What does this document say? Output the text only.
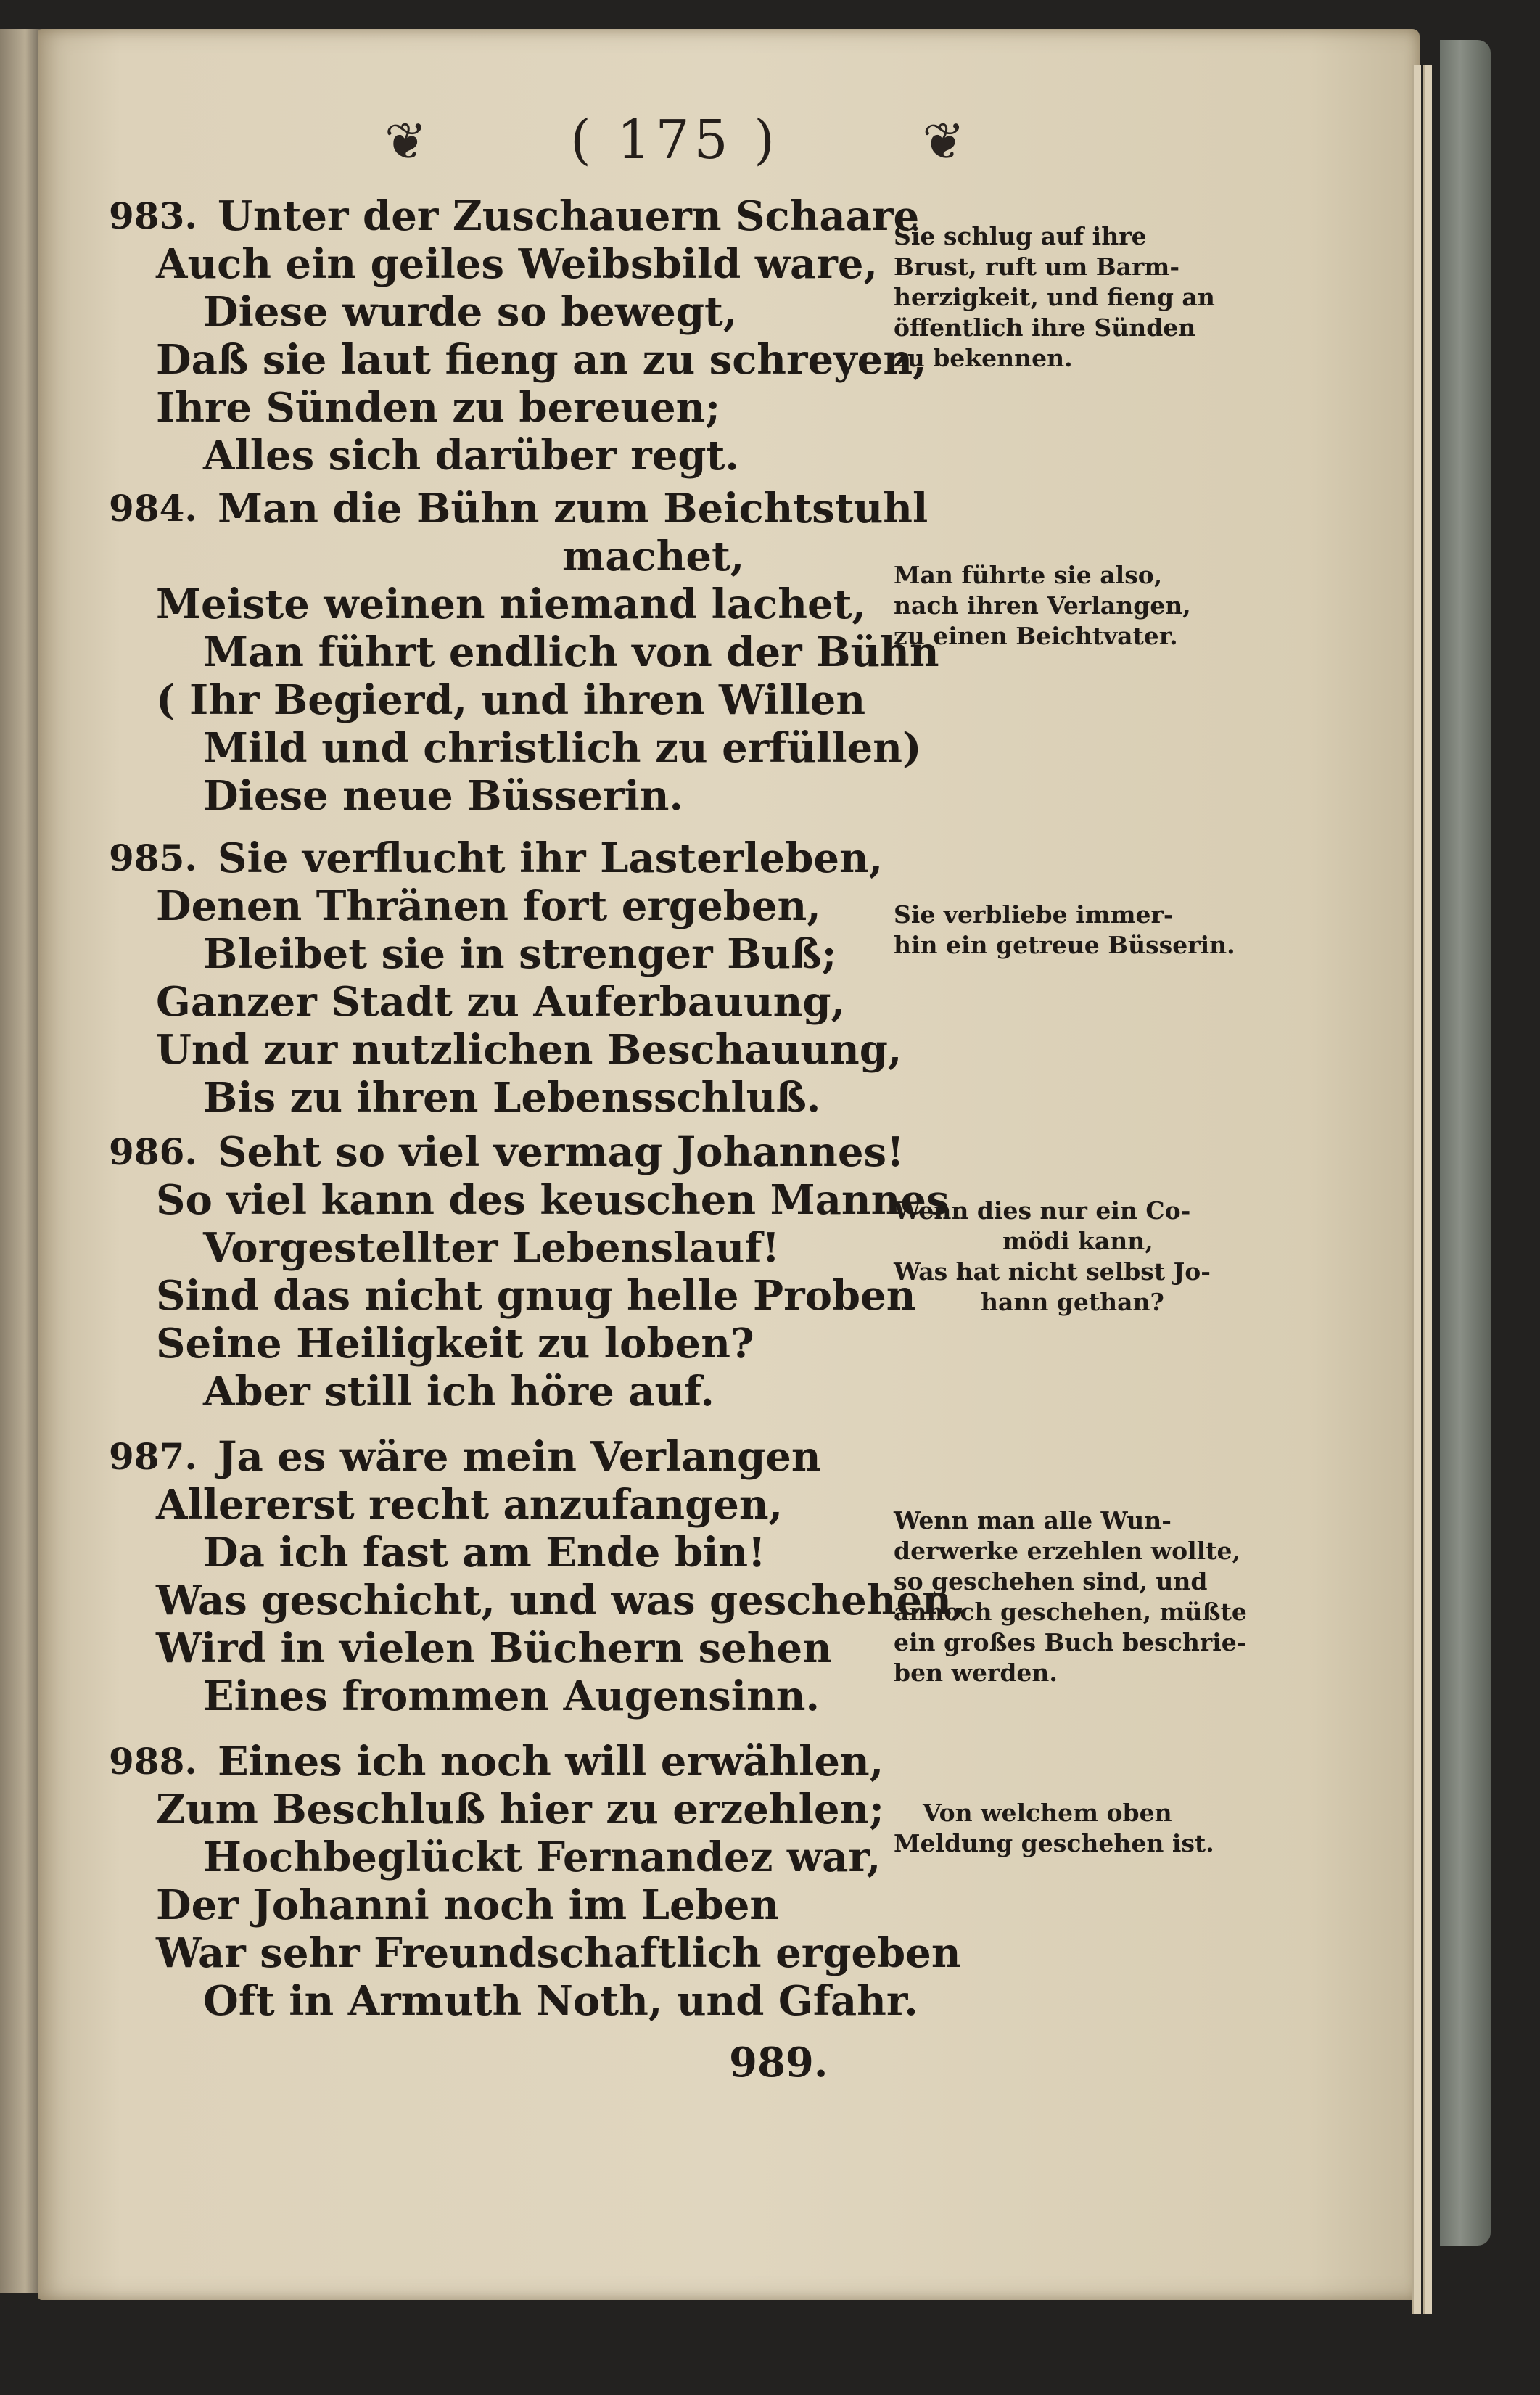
❦	( 175 )	❦
983. Unter der Zuschauern Schaare
Auch ein geiles Weibsbild ware,
Diese wurde so bewegt,
Daß sie laut fieng an zu schreyen,
Ihre Sünden zu bereuen;
Alles sich darüber regt.
Sie schlug auf ihre
Brust, ruft um Barm-
herzigkeit, und fieng an
öffentlich ihre Sünden
zu bekennen.
984. Man die Bühn zum Beichtstuhl
machet,
Meiste weinen niemand lachet,
Man führt endlich von der Bühn
( Ihr Begierd, und ihren Willen
Mild und christlich zu erfüllen)
Diese neue Büsserin.
Man führte sie also,
nach ihren Verlangen,
zu einen Beichtvater.
985. Sie verflucht ihr Lasterleben,
Denen Thränen fort ergeben,
Bleibet sie in strenger Buß;
Ganzer Stadt zu Auferbauung,
Und zur nutzlichen Beschauung,
Bis zu ihren Lebensschluß.
Sie verbliebe immer-
hin ein getreue Büsserin.
986. Seht so viel vermag Johannes!
So viel kann des keuschen Mannes
Vorgestellter Lebenslauf!
Sind das nicht gnug helle Proben
Seine Heiligkeit zu loben?
Aber still ich höre auf.
Wenn dies nur ein Co-
mödi kann,
Was hat nicht selbst Jo-
hann gethan?
987. Ja es wäre mein Verlangen
Allererst recht anzufangen,
Da ich fast am Ende bin!
Was geschicht, und was geschehen,
Wird in vielen Büchern sehen
Eines frommen Augensinn.
Wenn man alle Wun-
derwerke erzehlen wollte,
so geschehen sind, und
annoch geschehen, müßte
ein großes Buch beschrie-
ben werden.
988. Eines ich noch will erwählen,
Zum Beschluß hier zu erzehlen;
Hochbeglückt Fernandez war,
Der Johanni noch im Leben
War sehr Freundschaftlich ergeben
Oft in Armuth Noth, und Gfahr.
Von welchem oben
Meldung geschehen ist.
989.
